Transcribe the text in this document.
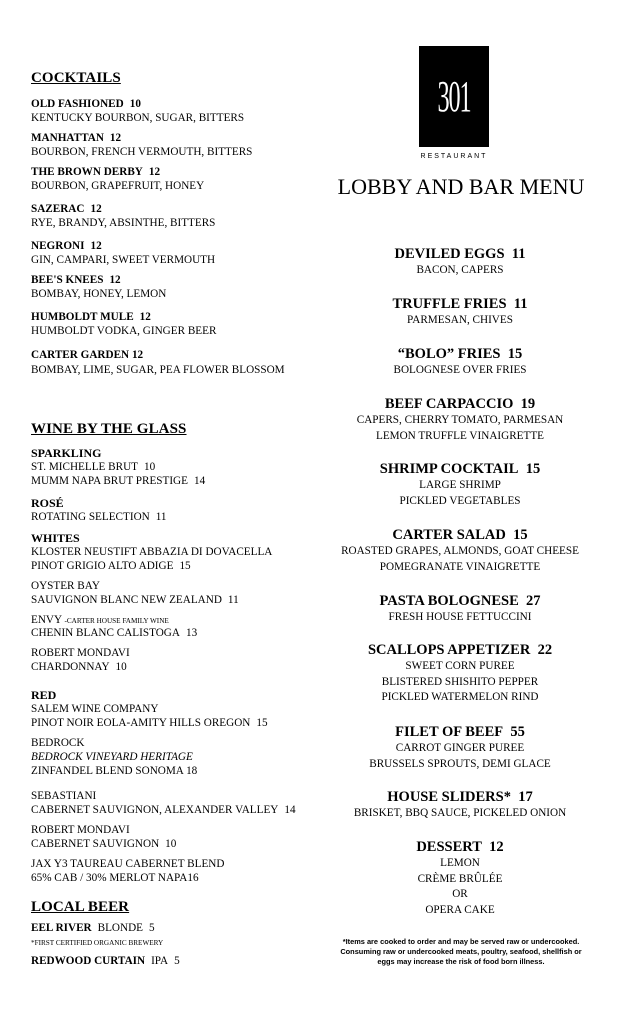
COCKTAILS
OLD FASHIONED 10
KENTUCKY BOURBON, SUGAR, BITTERS
MANHATTAN 12
BOURBON, FRENCH VERMOUTH, BITTERS
THE BROWN DERBY 12
BOURBON, GRAPEFRUIT, HONEY
SAZERAC 12
RYE, BRANDY, ABSINTHE, BITTERS
NEGRONI 12
GIN, CAMPARI, SWEET VERMOUTH
BEE'S KNEES 12
BOMBAY, HONEY, LEMON
HUMBOLDT MULE 12
HUMBOLDT VODKA, GINGER BEER
CARTER GARDEN 12
BOMBAY, LIME, SUGAR, PEA FLOWER BLOSSOM
WINE BY THE GLASS
SPARKLING
ST. MICHELLE BRUT 10
MUMM NAPA BRUT PRESTIGE 14
ROSÉ
ROTATING SELECTION 11
WHITES
KLOSTER NEUSTIFT ABBAZIA DI DOVACELLA
PINOT GRIGIO ALTO ADIGE 15
OYSTER BAY
SAUVIGNON BLANC NEW ZEALAND 11
ENVY -CARTER HOUSE FAMILY WINE
CHENIN BLANC CALISTOGA 13
ROBERT MONDAVI
CHARDONNAY 10
RED
SALEM WINE COMPANY
PINOT NOIR EOLA-AMITY HILLS OREGON 15
BEDROCK
BEDROCK VINEYARD HERITAGE
ZINFANDEL BLEND SONOMA 18
SEBASTIANI
CABERNET SAUVIGNON, ALEXANDER VALLEY 14
ROBERT MONDAVI
CABERNET SAUVIGNON 10
JAX Y3 TAUREAU CABERNET BLEND
65% CAB / 30% MERLOT NAPA16
LOCAL BEER
EEL RIVER BLONDE 5
*FIRST CERTIFIED ORGANIC BREWERY
REDWOOD CURTAIN IPA 5
301
RESTAURANT
LOBBY AND BAR MENU
DEVILED EGGS 11
BACON, CAPERS
TRUFFLE FRIES 11
PARMESAN, CHIVES
“BOLO” FRIES 15
BOLOGNESE OVER FRIES
BEEF CARPACCIO 19
CAPERS, CHERRY TOMATO, PARMESAN
LEMON TRUFFLE VINAIGRETTE
SHRIMP COCKTAIL 15
LARGE SHRIMP
PICKLED VEGETABLES
CARTER SALAD 15
ROASTED GRAPES, ALMONDS, GOAT CHEESE
POMEGRANATE VINAIGRETTE
PASTA BOLOGNESE 27
FRESH HOUSE FETTUCCINI
SCALLOPS APPETIZER 22
SWEET CORN PUREE
BLISTERED SHISHITO PEPPER
PICKLED WATERMELON RIND
FILET OF BEEF 55
CARROT GINGER PUREE
BRUSSELS SPROUTS, DEMI GLACE
HOUSE SLIDERS* 17
BRISKET, BBQ SAUCE, PICKELED ONION
DESSERT 12
LEMON
CRÈME BRÛLÉE
OR
OPERA CAKE
*Items are cooked to order and may be served raw or undercooked.
Consuming raw or undercooked meats, poultry, seafood, shellfish or
eggs may increase the risk of food born illness.
